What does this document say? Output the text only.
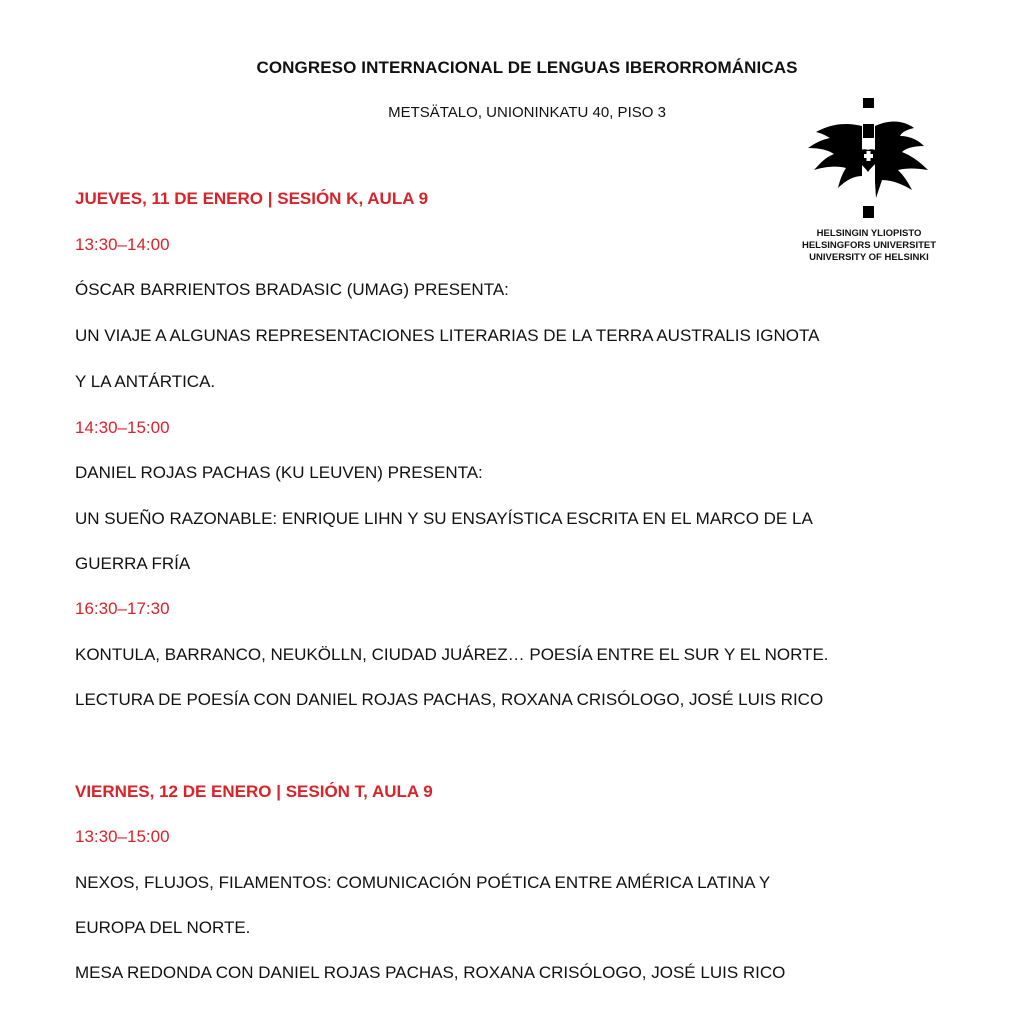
CONGRESO INTERNACIONAL DE LENGUAS IBERORROMÁNICAS
METSÄTALO, UNIONINKATU 40, PISO 3
HELSINGIN YLIOPISTO
HELSINGFORS UNIVERSITET
UNIVERSITY OF HELSINKI
JUEVES, 11 DE ENERO | SESIÓN K, AULA 9
13:30–14:00
ÓSCAR BARRIENTOS BRADASIC (UMAG) PRESENTA:
UN VIAJE A ALGUNAS REPRESENTACIONES LITERARIAS DE LA TERRA AUSTRALIS IGNOTA
Y LA ANTÁRTICA.
14:30–15:00
DANIEL ROJAS PACHAS (KU LEUVEN) PRESENTA:
UN SUEÑO RAZONABLE: ENRIQUE LIHN Y SU ENSAYÍSTICA ESCRITA EN EL MARCO DE LA
GUERRA FRÍA
16:30–17:30
KONTULA, BARRANCO, NEUKÖLLN, CIUDAD JUÁREZ… POESÍA ENTRE EL SUR Y EL NORTE.
LECTURA DE POESÍA CON DANIEL ROJAS PACHAS, ROXANA CRISÓLOGO, JOSÉ LUIS RICO
VIERNES, 12 DE ENERO | SESIÓN T, AULA 9
13:30–15:00
NEXOS, FLUJOS, FILAMENTOS: COMUNICACIÓN POÉTICA ENTRE AMÉRICA LATINA Y
EUROPA DEL NORTE.
MESA REDONDA CON DANIEL ROJAS PACHAS, ROXANA CRISÓLOGO, JOSÉ LUIS RICO
